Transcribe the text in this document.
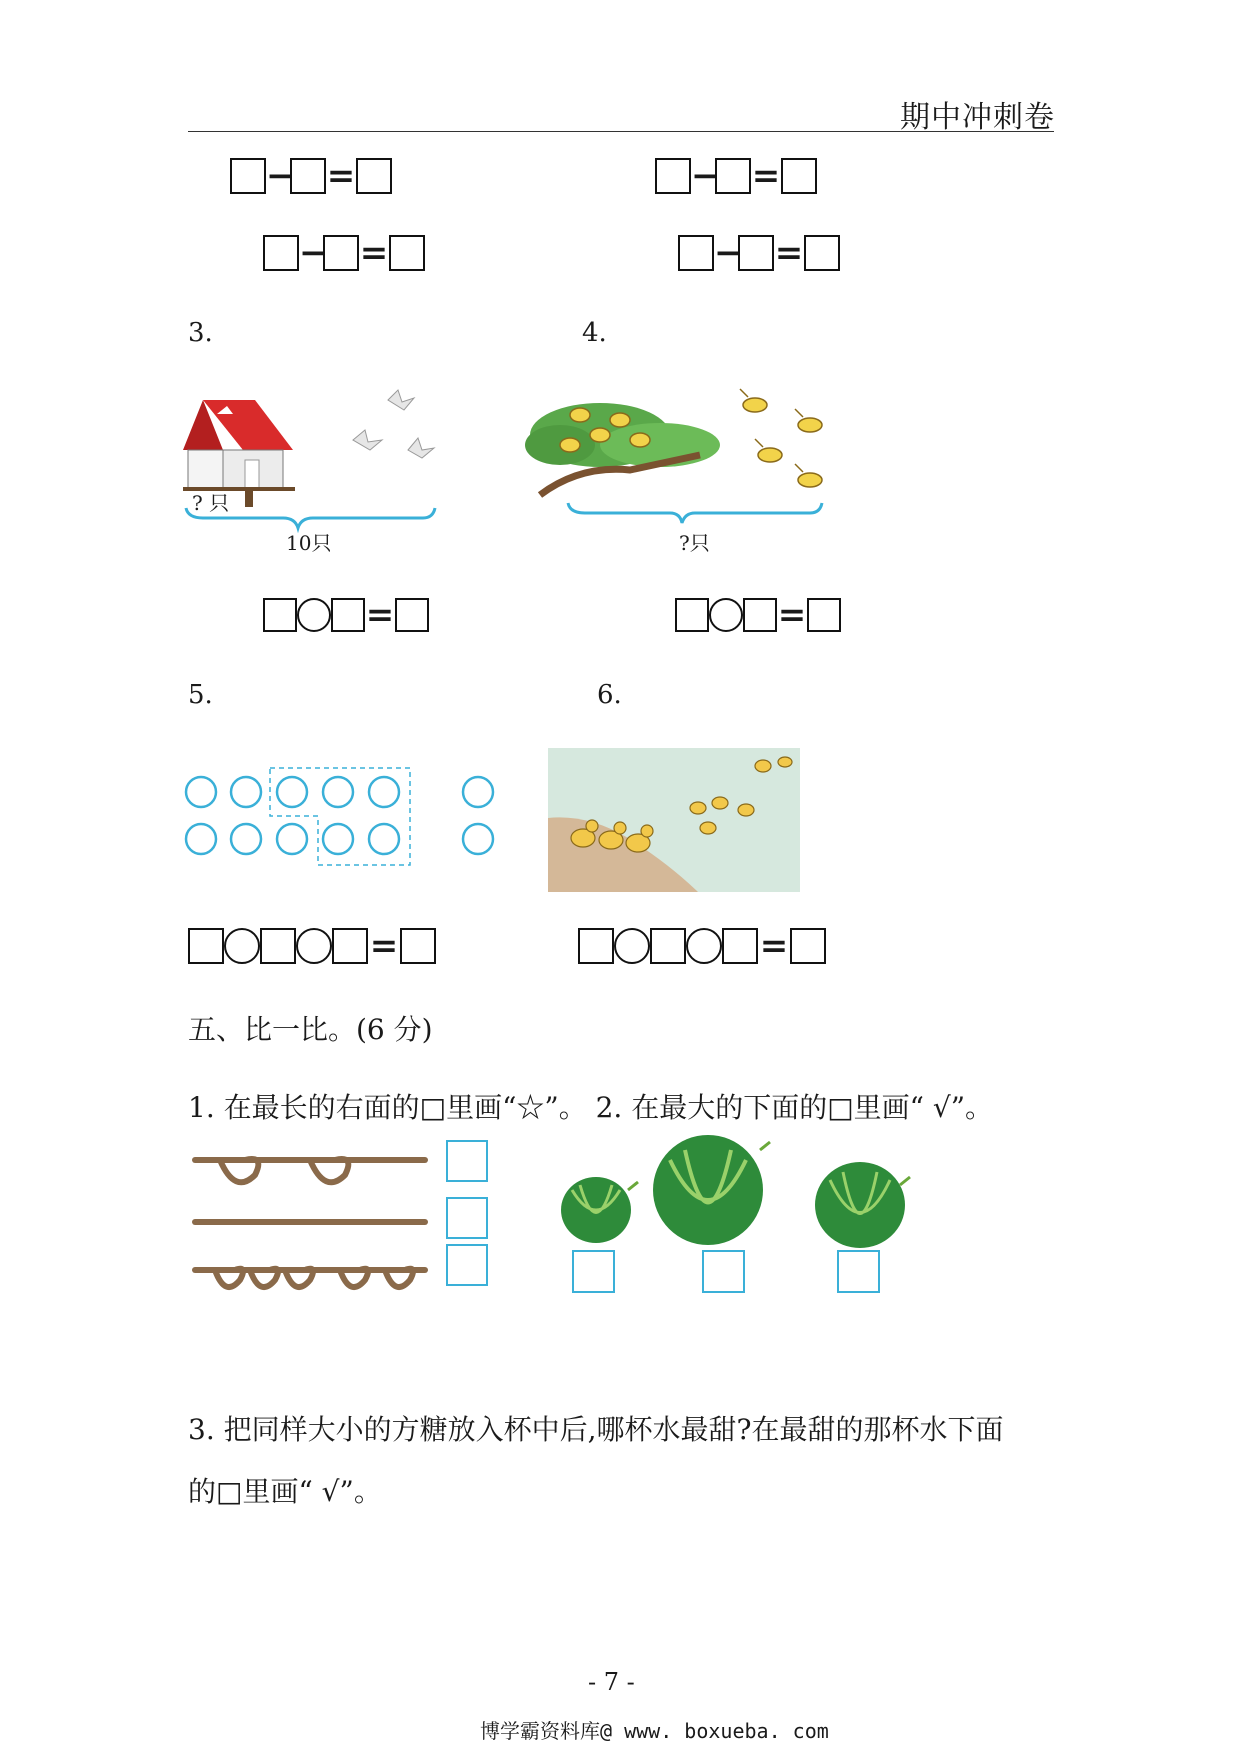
期中冲刺卷
− =	− =
− =	− =
3.	4.
? 只
10只	?只
=	=
5.	6.
=	=
五、比一比。(6 分)
1. 在最长的右面的□里画“☆”。 2. 在最大的下面的□里画“ √”。
3. 把同样大小的方糖放入杯中后,哪杯水最甜?在最甜的那杯水下面
的□里画“ √”。
- 7 -
博学霸资料库@ www. boxueba. com
